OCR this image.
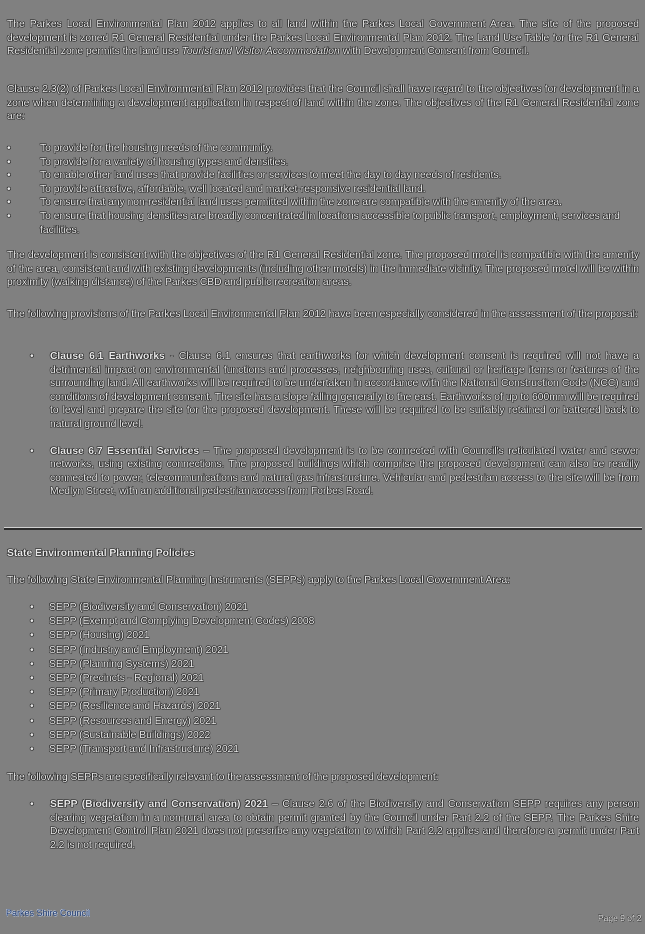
The Parkes Local Environmental Plan 2012 applies to all land within the Parkes Local Government Area. The site of the proposed development is zoned R1 General Residential under the Parkes Local Environmental Plan 2012. The Land Use Table for the R1 General Residential zone permits the land use Tourist and Visitor Accommodation with Development Consent from Council.

Clause 2.3(2) of Parkes Local Environmental Plan 2012 provides that the Council shall have regard to the objectives for development in a zone when determining a development application in respect of land within the zone. The objectives of the R1 General Residential zone are:

•	To provide for the housing needs of the community.
•	To provide for a variety of housing types and densities.
•	To enable other land uses that provide facilities or services to meet the day to day needs of residents.
•	To provide attractive, affordable, well located and market-responsive residential land.
•	To ensure that any non-residential land uses permitted within the zone are compatible with the amenity of the area.
•	To ensure that housing densities are broadly concentrated in locations accessible to public transport, employment, services and facilities.

The development is consistent with the objectives of the R1 General Residential zone. The proposed motel is compatible with the amenity of the area, consistent and with existing developments (including other motels) in the immediate vicinity. The proposed motel will be within proximity (walking distance) of the Parkes CBD and public recreation areas.

The following provisions of the Parkes Local Environmental Plan 2012 have been especially considered in the assessment of the proposal:

• Clause 6.1 Earthworks - Clause 6.1 ensures that earthworks for which development consent is required will not have a detrimental impact on environmental functions and processes, neighbouring uses, cultural or heritage items or features of the surrounding land. All earthworks will be required to be undertaken in accordance with the National Construction Code (NCC) and conditions of development consent. The site has a slope falling generally to the east. Earthworks of up to 600mm will be required to level and prepare the site for the proposed development. These will be required to be suitably retained or battered back to natural ground level.
• Clause 6.7 Essential Services – The proposed development is to be connected with Council's reticulated water and sewer networks, using existing connections. The proposed buildings which comprise the proposed development can also be readily connected to power, telecommunications and natural gas infrastructure. Vehicular and pedestrian access to the site will be from Medlyn Street, with an additional pedestrian access from Forbes Road.
State Environmental Planning Policies

The following State Environmental Planning Instruments (SEPPs) apply to the Parkes Local Government Area:

• SEPP (Biodiversity and Conservation) 2021
• SEPP (Exempt and Complying Development Codes) 2008
• SEPP (Housing) 2021
• SEPP (Industry and Employment) 2021
• SEPP (Planning Systems) 2021
• SEPP (Precincts - Regional) 2021
• SEPP (Primary Production) 2021
• SEPP (Resilience and Hazards) 2021
• SEPP (Resources and Energy) 2021
• SEPP (Sustainable Buildings) 2022
• SEPP (Transport and Infrastructure) 2021

The following SEPPs are specifically relevant to the assessment of the proposed development:

• SEPP (Biodiversity and Conservation) 2021 – Clause 2.6 of the Biodiversity and Conservation SEPP requires any person clearing vegetation in a non-rural area to obtain permit granted by the Council under Part 2.2 of the SEPP. The Parkes Shire Development Control Plan 2021 does not prescribe any vegetation to which Part 2.2 applies and therefore a permit under Part 2.2 is not required.
Parkes Shire Council	Page 9 of 2
